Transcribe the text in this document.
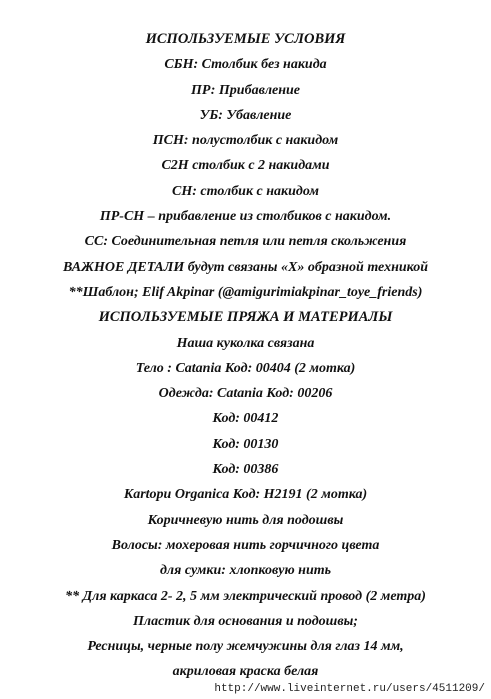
ИСПОЛЬЗУЕМЫЕ УСЛОВИЯ
СБН: Столбик без накида
ПР: Прибавление
УБ: Убавление
ПСН: полустолбик с накидом
С2Н столбик с 2 накидами
СН: столбик с накидом
ПР-СН – прибавление из столбиков с накидом.
СС: Соединительная петля или петля скольжения
ВАЖНОЕ ДЕТАЛИ будут связаны «Х» образной техникой
**Шаблон; Elif Akpinar (@amigurimiakpinar_toye_friends)
ИСПОЛЬЗУЕМЫЕ ПРЯЖА И МАТЕРИАЛЫ
Наша куколка связана
Тело : Catania Код: 00404 (2 мотка)
Одежда: Catania Код: 00206
Код: 00412
Код: 00130
Код: 00386
Kartopu Organica Код: H2191 (2 мотка)
Коричневую нить для подошвы
Волосы: мохеровая нить горчичного цвета
для сумки: хлопковую нить
** Для каркаса 2- 2, 5 мм электрический провод (2 метра)
Пластик для основания и подошвы;
Ресницы, черные полу жемчужины для глаз 14 мм,
акриловая краска белая
http://www.liveinternet.ru/users/4511209/
